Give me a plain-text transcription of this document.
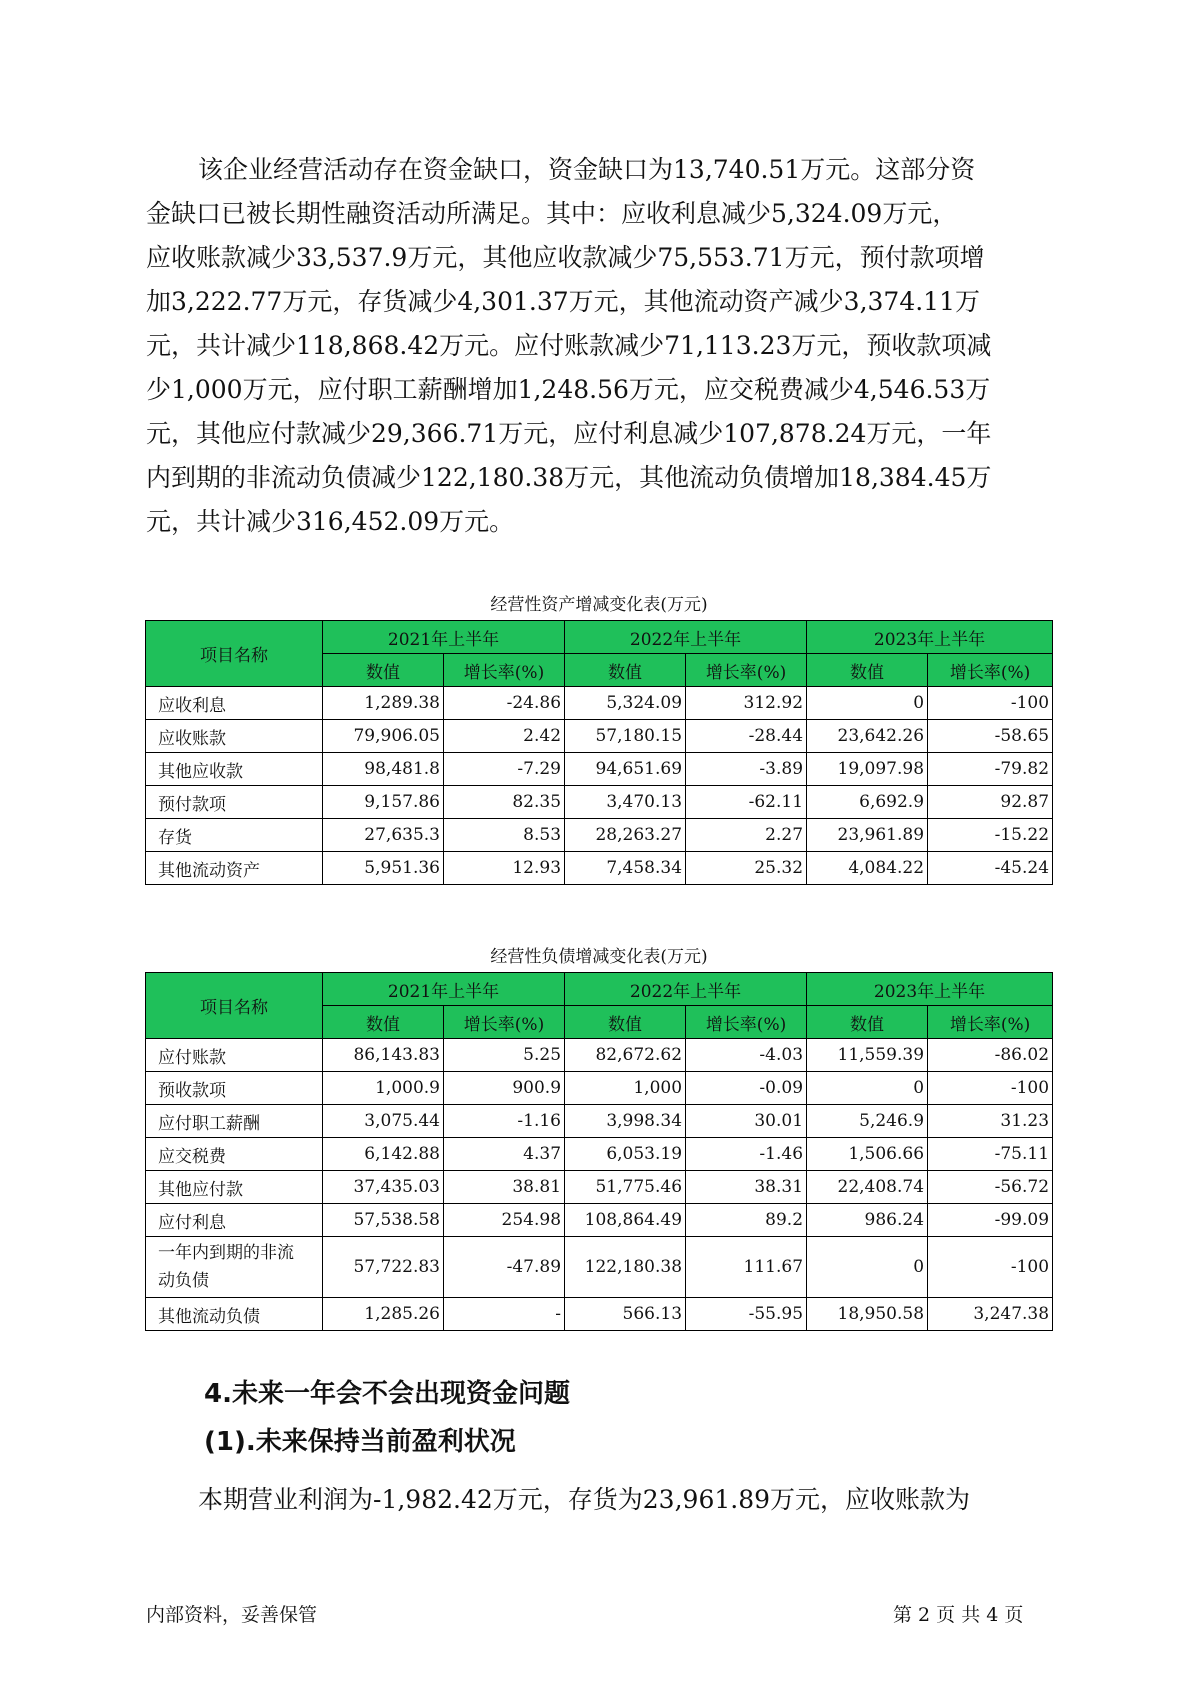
该企业经营活动存在资金缺口，资金缺口为13,740.51万元。这部分资
金缺口已被长期性融资活动所满足。其中：应收利息减少5,324.09万元，
应收账款减少33,537.9万元，其他应收款减少75,553.71万元，预付款项增
加3,222.77万元，存货减少4,301.37万元，其他流动资产减少3,374.11万
元，共计减少118,868.42万元。应付账款减少71,113.23万元，预收款项减
少1,000万元，应付职工薪酬增加1,248.56万元，应交税费减少4,546.53万
元，其他应付款减少29,366.71万元，应付利息减少107,878.24万元，一年
内到期的非流动负债减少122,180.38万元，其他流动负债增加18,384.45万
元，共计减少316,452.09万元。
经营性资产增减变化表(万元)
项目名称	2021年上半年		2022年上半年		2023年上半年	
	数值	增长率(%)	数值	增长率(%)	数值	增长率(%)
应收利息	1,289.38	-24.86	5,324.09	312.92	0	-100
应收账款	79,906.05	2.42	57,180.15	-28.44	23,642.26	-58.65
其他应收款	98,481.8	-7.29	94,651.69	-3.89	19,097.98	-79.82
预付款项	9,157.86	82.35	3,470.13	-62.11	6,692.9	92.87
存货	27,635.3	8.53	28,263.27	2.27	23,961.89	-15.22
其他流动资产	5,951.36	12.93	7,458.34	25.32	4,084.22	-45.24
经营性负债增减变化表(万元)
项目名称	2021年上半年		2022年上半年		2023年上半年	
	数值	增长率(%)	数值	增长率(%)	数值	增长率(%)
应付账款	86,143.83	5.25	82,672.62	-4.03	11,559.39	-86.02
预收款项	1,000.9	900.9	1,000	-0.09	0	-100
应付职工薪酬	3,075.44	-1.16	3,998.34	30.01	5,246.9	31.23
应交税费	6,142.88	4.37	6,053.19	-1.46	1,506.66	-75.11
其他应付款	37,435.03	38.81	51,775.46	38.31	22,408.74	-56.72
应付利息	57,538.58	254.98	108,864.49	89.2	986.24	-99.09

一年内到期的非流
动负债	57,722.83	-47.89	122,180.38	111.67	0	-100
其他流动负债	1,285.26	-	566.13	-55.95	18,950.58	3,247.38
4.未来一年会不会出现资金问题
(1).未来保持当前盈利状况
本期营业利润为-1,982.42万元，存货为23,961.89万元，应收账款为
内部资料，妥善保管	第 2 页 共 4 页
